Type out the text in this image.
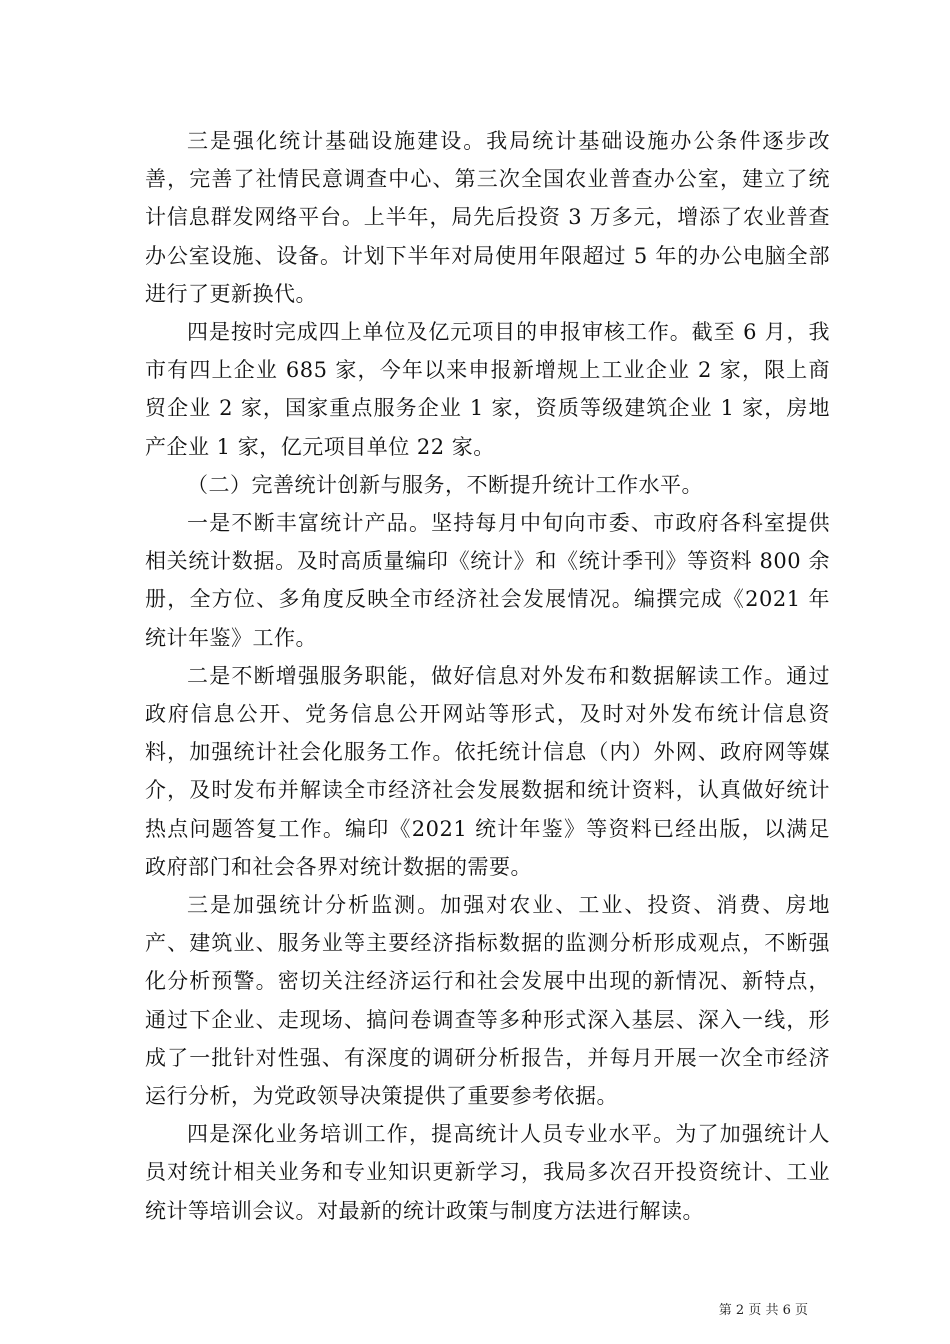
三是强化统计基础设施建设。我局统计基础设施办公条件逐步改善，完善了社情民意调查中心、第三次全国农业普查办公室，建立了统计信息群发网络平台。上半年，局先后投资 3 万多元，增添了农业普查办公室设施、设备。计划下半年对局使用年限超过 5 年的办公电脑全部进行了更新换代。

四是按时完成四上单位及亿元项目的申报审核工作。截至 6 月，我市有四上企业 685 家，今年以来申报新增规上工业企业 2 家，限上商贸企业 2 家，国家重点服务企业 1 家，资质等级建筑企业 1 家，房地产企业 1 家，亿元项目单位 22 家。

（二）完善统计创新与服务，不断提升统计工作水平。

一是不断丰富统计产品。坚持每月中旬向市委、市政府各科室提供相关统计数据。及时高质量编印《统计》和《统计季刊》等资料 800 余册，全方位、多角度反映全市经济社会发展情况。编撰完成《2021 年统计年鉴》工作。

二是不断增强服务职能，做好信息对外发布和数据解读工作。通过政府信息公开、党务信息公开网站等形式，及时对外发布统计信息资料，加强统计社会化服务工作。依托统计信息（内）外网、政府网等媒介，及时发布并解读全市经济社会发展数据和统计资料，认真做好统计热点问题答复工作。编印《2021 统计年鉴》等资料已经出版，以满足政府部门和社会各界对统计数据的需要。

三是加强统计分析监测。加强对农业、工业、投资、消费、房地产、建筑业、服务业等主要经济指标数据的监测分析形成观点，不断强化分析预警。密切关注经济运行和社会发展中出现的新情况、新特点，通过下企业、走现场、搞问卷调查等多种形式深入基层、深入一线，形成了一批针对性强、有深度的调研分析报告，并每月开展一次全市经济运行分析，为党政领导决策提供了重要参考依据。

四是深化业务培训工作，提高统计人员专业水平。为了加强统计人员对统计相关业务和专业知识更新学习，我局多次召开投资统计、工业统计等培训会议。对最新的统计政策与制度方法进行解读。

第 2 页 共 6 页
